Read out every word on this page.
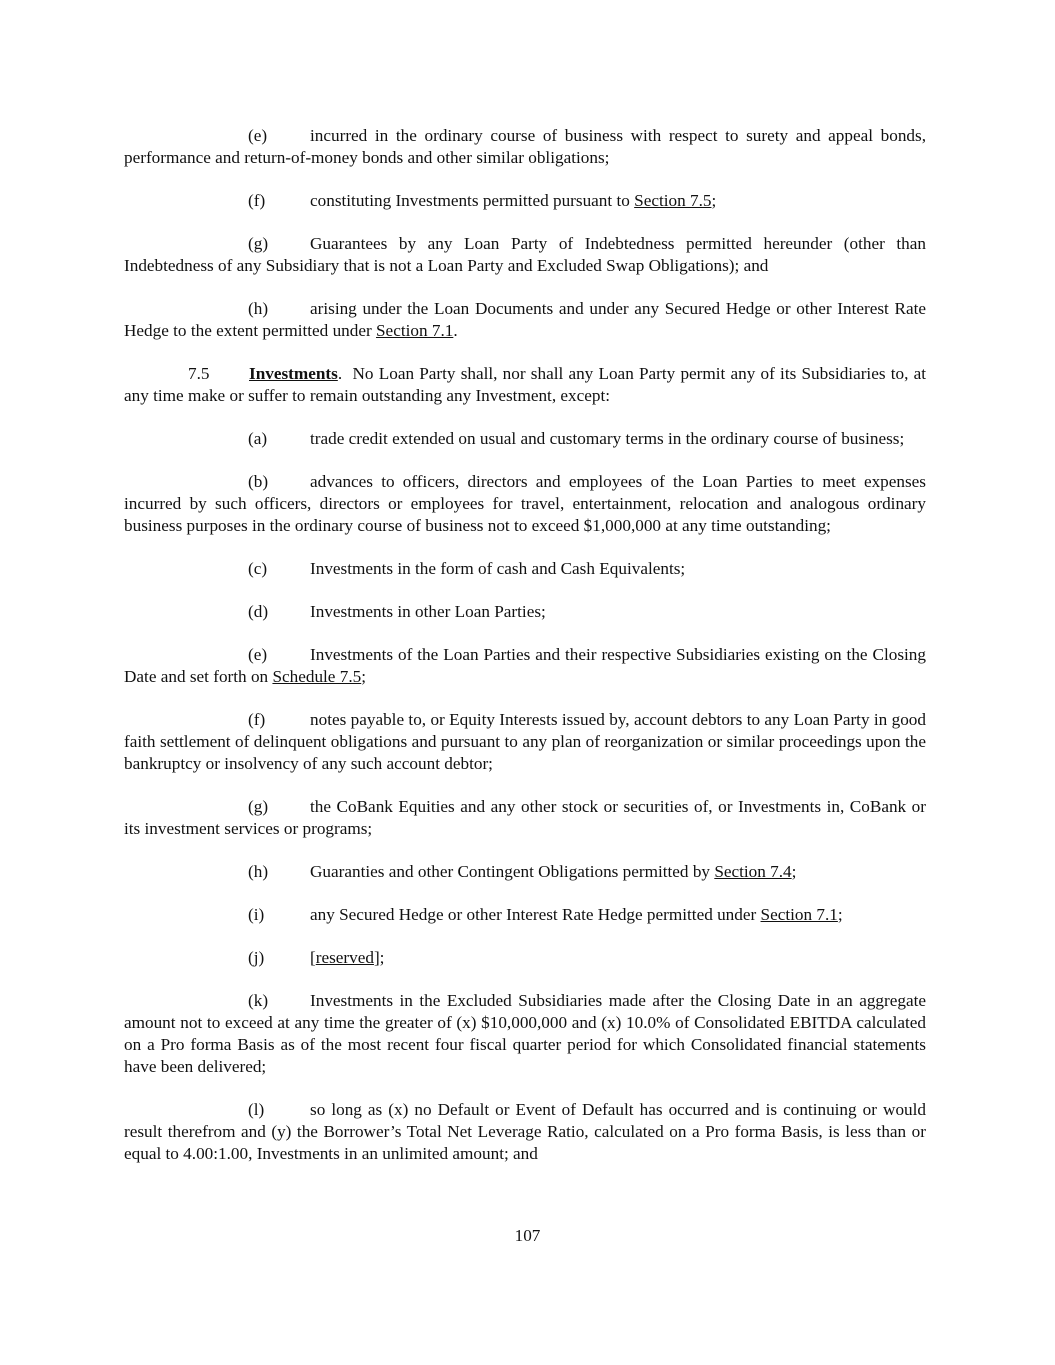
(e) incurred in the ordinary course of business with respect to surety and appeal bonds, performance and return-of-money bonds and other similar obligations;

(f)	constituting Investments permitted pursuant to Section 7.5;

(g) Guarantees by any Loan Party of Indebtedness permitted hereunder (other than Indebtedness of any Subsidiary that is not a Loan Party and Excluded Swap Obligations); and

(h) arising under the Loan Documents and under any Secured Hedge or other Interest Rate Hedge to the extent permitted under Section 7.1.

7.5 Investments. No Loan Party shall, nor shall any Loan Party permit any of its Subsidiaries to, at any time make or suffer to remain outstanding any Investment, except:

(a) trade credit extended on usual and customary terms in the ordinary course of business;

(b) advances to officers, directors and employees of the Loan Parties to meet expenses incurred by such officers, directors or employees for travel, entertainment, relocation and analogous ordinary business purposes in the ordinary course of business not to exceed $1,000,000 at any time outstanding;

(c) Investments in the form of cash and Cash Equivalents;

(d) Investments in other Loan Parties;

(e) Investments of the Loan Parties and their respective Subsidiaries existing on the Closing Date and set forth on Schedule 7.5;

(f)	notes payable to, or Equity Interests issued by, account debtors to any Loan Party in good faith settlement of delinquent obligations and pursuant to any plan of reorganization or similar proceedings upon the bankruptcy or insolvency of any such account debtor;

(g) the CoBank Equities and any other stock or securities of, or Investments in, CoBank or its investment services or programs;

(h) Guaranties and other Contingent Obligations permitted by Section 7.4;

(i)	any Secured Hedge or other Interest Rate Hedge permitted under Section 7.1;

(j)	[reserved];

(k) Investments in the Excluded Subsidiaries made after the Closing Date in an aggregate amount not to exceed at any time the greater of (x) $10,000,000 and (x) 10.0% of Consolidated EBITDA calculated on a Pro forma Basis as of the most recent four fiscal quarter period for which Consolidated financial statements have been delivered;

(l)	so long as (x) no Default or Event of Default has occurred and is continuing or would result therefrom and (y) the Borrower’s Total Net Leverage Ratio, calculated on a Pro forma Basis, is less than or equal to 4.00:1.00, Investments in an unlimited amount; and

107
